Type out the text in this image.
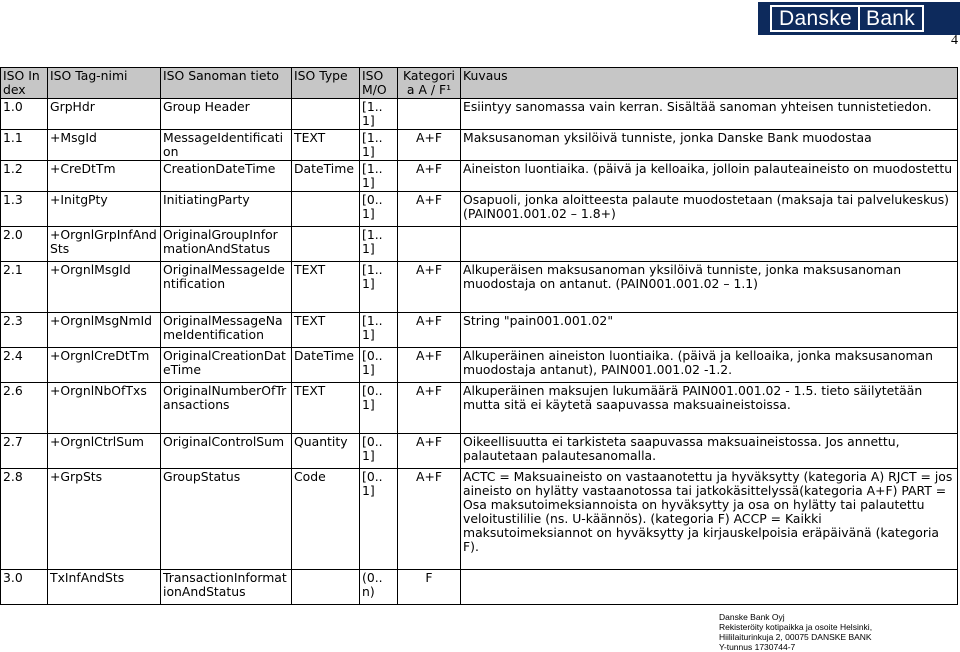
Danske Bank
4
ISO Index	ISO Tag-nimi	ISO Sanoman tieto	ISO Type	ISO M/O	Kategoria A / F¹	Kuvaus
1.0	GrpHdr	Group Header		[1..1]		Esiintyy sanomassa vain kerran. Sisältää sanoman yhteisen tunnistetiedon.
1.1	+MsgId	MessageIdentification	TEXT	[1..1]	A+F	Maksusanoman yksilöivä tunniste, jonka Danske Bank muodostaa
1.2	+CreDtTm	CreationDateTime	DateTime	[1..1]	A+F	Aineiston luontiaika. (päivä ja kelloaika, jolloin palauteaineisto on muodostettu
1.3	+InitgPty	InitiatingParty		[0..1]	A+F	Osapuoli, jonka aloitteesta palaute muodostetaan (maksaja tai palvelukeskus) (PAIN001.001.02 – 1.8+)
2.0	+OrgnlGrpInfAndSts	OriginalGroupInformationAndStatus		[1..1]		
2.1	+OrgnlMsgId	OriginalMessageIdentification	TEXT	[1..1]	A+F	Alkuperäisen maksusanoman yksilöivä tunniste, jonka maksusanoman muodostaja on antanut. (PAIN001.001.02 – 1.1)
2.3	+OrgnlMsgNmId	OriginalMessageNameIdentification	TEXT	[1..1]	A+F	String "pain001.001.02"
2.4	+OrgnlCreDtTm	OriginalCreationDateTime	DateTime	[0..1]	A+F	Alkuperäinen aineiston luontiaika. (päivä ja kelloaika, jonka maksusanoman muodostaja antanut), PAIN001.001.02 -1.2.
2.6	+OrgnlNbOfTxs	OriginalNumberOfTransactions	TEXT	[0..1]	A+F	Alkuperäinen maksujen lukumäärä PAIN001.001.02 - 1.5. tieto säilytetään mutta sitä ei käytetä saapuvassa maksuaineistoissa.
2.7	+OrgnlCtrlSum	OriginalControlSum	Quantity	[0..1]	A+F	Oikeellisuutta ei tarkisteta saapuvassa maksuaineistossa. Jos annettu, palautetaan palautesanomalla.
2.8	+GrpSts	GroupStatus	Code	[0..1]	A+F	ACTC = Maksuaineisto on vastaanotettu ja hyväksytty (kategoria A) RJCT = jos aineisto on hylätty vastaanotossa tai jatkokäsittelyssä(kategoria A+F) PART = Osa maksutoimeksiannoista on hyväksytty ja osa on hylätty tai palautettu veloitustililie (ns. U-käännös). (kategoria F) ACCP = Kaikki maksutoimeksiannot on hyväksytty ja kirjauskelpoisia eräpäivänä (kategoria F).
3.0	TxInfAndSts	TransactionInformationAndStatus		(0..n)	F	
Danske Bank Oyj
Rekisteröity kotipaikka ja osoite Helsinki,
Hiililaiturinkuja 2, 00075 DANSKE BANK
Y-tunnus 1730744-7
